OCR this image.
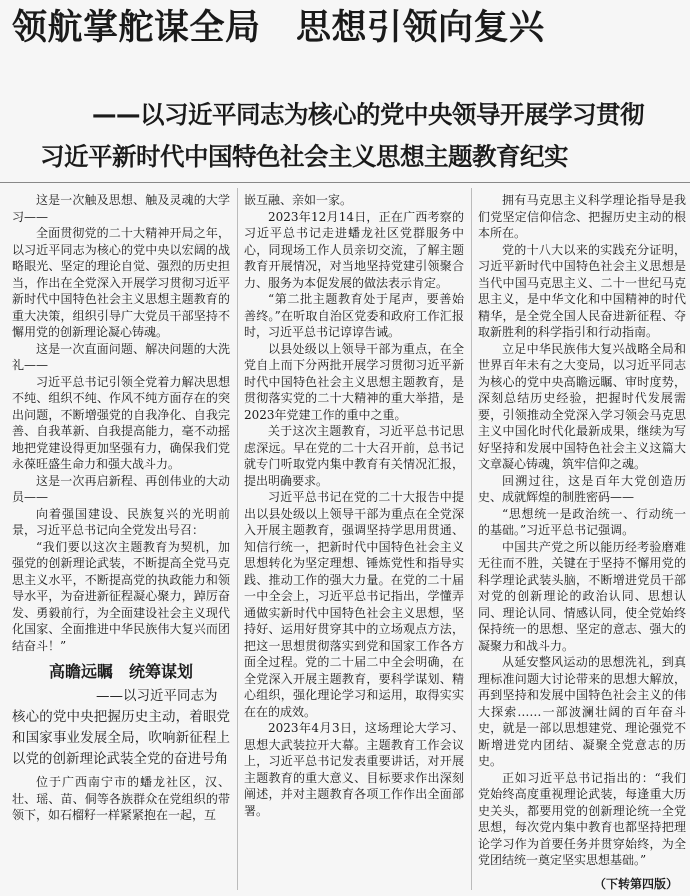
领航掌舵谋全局　思想引领向复兴
——以习近平同志为核心的党中央领导开展学习贯彻
习近平新时代中国特色社会主义思想主题教育纪实

这是一次触及思想、触及灵魂的大学习——

全面贯彻党的二十大精神开局之年，以习近平同志为核心的党中央以宏阔的战略眼光、坚定的理论自觉、强烈的历史担当，作出在全党深入开展学习贯彻习近平新时代中国特色社会主义思想主题教育的重大决策，组织引导广大党员干部坚持不懈用党的创新理论凝心铸魂。

这是一次直面问题、解决问题的大洗礼——

习近平总书记引领全党着力解决思想不纯、组织不纯、作风不纯方面存在的突出问题，不断增强党的自我净化、自我完善、自我革新、自我提高能力，毫不动摇地把党建设得更加坚强有力，确保我们党永葆旺盛生命力和强大战斗力。

这是一次再启新程、再创伟业的大动员——

向着强国建设、民族复兴的光明前景，习近平总书记向全党发出号召：

“我们要以这次主题教育为契机，加强党的创新理论武装，不断提高全党马克思主义水平，不断提高党的执政能力和领导水平，为奋进新征程凝心聚力，踔厉奋发、勇毅前行，为全面建设社会主义现代化国家、全面推进中华民族伟大复兴而团结奋斗！”

高瞻远瞩　统筹谋划
——以习近平同志为
核心的党中央把握历史主动，着眼党和国家事业发展全局，吹响新征程上以党的创新理论武装全党的奋进号角

位于广西南宁市的蟠龙社区，汉、壮、瑶、苗、侗等各族群众在党组织的带领下，如石榴籽一样紧紧抱在一起，互

嵌互融、亲如一家。

2023年12月14日，正在广西考察的习近平总书记走进蟠龙社区党群服务中心，同现场工作人员亲切交流，了解主题教育开展情况，对当地坚持党建引领聚合力、服务为本促发展的做法表示肯定。

“第二批主题教育处于尾声，要善始善终。”在听取自治区党委和政府工作汇报时，习近平总书记谆谆告诫。

以县处级以上领导干部为重点，在全党自上而下分两批开展学习贯彻习近平新时代中国特色社会主义思想主题教育，是贯彻落实党的二十大精神的重大举措，是2023年党建工作的重中之重。

关于这次主题教育，习近平总书记思虑深远。早在党的二十大召开前，总书记就专门听取党内集中教育有关情况汇报，提出明确要求。

习近平总书记在党的二十大报告中提出以县处级以上领导干部为重点在全党深入开展主题教育，强调坚持学思用贯通、知信行统一，把新时代中国特色社会主义思想转化为坚定理想、锤炼党性和指导实践、推动工作的强大力量。在党的二十届一中全会上，习近平总书记指出，学懂弄通做实新时代中国特色社会主义思想，坚持好、运用好贯穿其中的立场观点方法，把这一思想贯彻落实到党和国家工作各方面全过程。党的二十届二中全会明确，在全党深入开展主题教育，要科学谋划、精心组织，强化理论学习和运用，取得实实在在的成效。

2023年4月3日，这场理论大学习、思想大武装拉开大幕。主题教育工作会议上，习近平总书记发表重要讲话，对开展主题教育的重大意义、目标要求作出深刻阐述，并对主题教育各项工作作出全面部署。

拥有马克思主义科学理论指导是我们党坚定信仰信念、把握历史主动的根本所在。

党的十八大以来的实践充分证明，习近平新时代中国特色社会主义思想是当代中国马克思主义、二十一世纪马克思主义，是中华文化和中国精神的时代精华，是全党全国人民奋进新征程、夺取新胜利的科学指引和行动指南。

立足中华民族伟大复兴战略全局和世界百年未有之大变局，以习近平同志为核心的党中央高瞻远瞩、审时度势，深刻总结历史经验，把握时代发展需要，引领推动全党深入学习领会马克思主义中国化时代化最新成果，继续为写好坚持和发展中国特色社会主义这篇大文章凝心铸魂，筑牢信仰之魂。

回溯过往，这是百年大党创造历史、成就辉煌的制胜密码——

“思想统一是政治统一、行动统一的基础。”习近平总书记强调。

中国共产党之所以能历经考验磨难无往而不胜，关键在于坚持不懈用党的科学理论武装头脑，不断增进党员干部对党的创新理论的政治认同、思想认同、理论认同、情感认同，使全党始终保持统一的思想、坚定的意志、强大的凝聚力和战斗力。

从延安整风运动的思想洗礼，到真理标准问题大讨论带来的思想大解放，再到坚持和发展中国特色社会主义的伟大探索……一部波澜壮阔的百年奋斗史，就是一部以思想建党、理论强党不断增进党内团结、凝聚全党意志的历史。

正如习近平总书记指出的：“我们党始终高度重视理论武装，每逢重大历史关头，都要用党的创新理论统一全党思想，每次党内集中教育也都坚持把理论学习作为首要任务并贯穿始终，为全党团结统一奠定坚实思想基础。”

（下转第四版）
